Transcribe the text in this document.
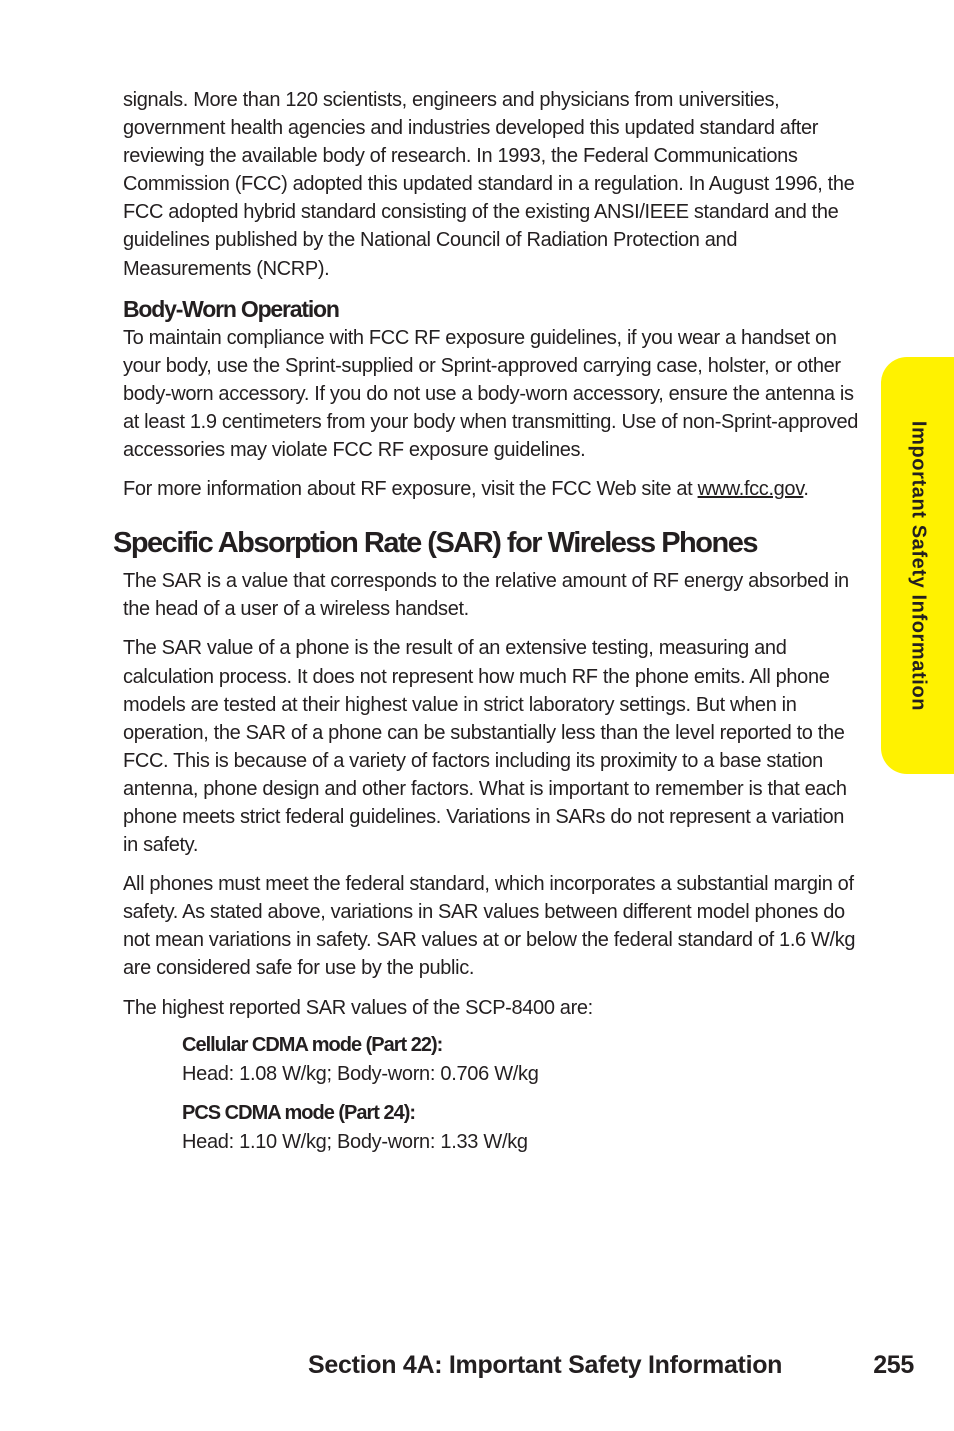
signals. More than 120 scientists, engineers and physicians from universities, government health agencies and industries developed this updated standard after reviewing the available body of research. In 1993, the Federal Communications Commission (FCC) adopted this updated standard in a regulation. In August 1996, the FCC adopted hybrid standard consisting of the existing ANSI/IEEE standard and the guidelines published by the National Council of Radiation Protection and Measurements (NCRP).

Body-Worn Operation

To maintain compliance with FCC RF exposure guidelines, if you wear a handset on your body, use the Sprint-supplied or Sprint-approved carrying case, holster, or other body-worn accessory. If you do not use a body-worn accessory, ensure the antenna is at least 1.9 centimeters from your body when transmitting. Use of non-Sprint-approved accessories may violate FCC RF exposure guidelines.

For more information about RF exposure, visit the FCC Web site at www.fcc.gov.

Specific Absorption Rate (SAR) for Wireless Phones

The SAR is a value that corresponds to the relative amount of RF energy absorbed in the head of a user of a wireless handset.

The SAR value of a phone is the result of an extensive testing, measuring and calculation process. It does not represent how much RF the phone emits. All phone models are tested at their highest value in strict laboratory settings. But when in operation, the SAR of a phone can be substantially less than the level reported to the FCC. This is because of a variety of factors including its proximity to a base station antenna, phone design and other factors. What is important to remember is that each phone meets strict federal guidelines. Variations in SARs do not represent a variation in safety.

All phones must meet the federal standard, which incorporates a substantial margin of safety. As stated above, variations in SAR values between different model phones do not mean variations in safety. SAR values at or below the federal standard of 1.6 W/kg are considered safe for use by the public.

The highest reported SAR values of the SCP-8400 are:

Cellular CDMA mode (Part 22):
Head: 1.08 W/kg; Body-worn: 0.706 W/kg
PCS CDMA mode (Part 24):
Head: 1.10 W/kg; Body-worn: 1.33 W/kg
Important Safety Information
Section 4A: Important Safety Information	255
